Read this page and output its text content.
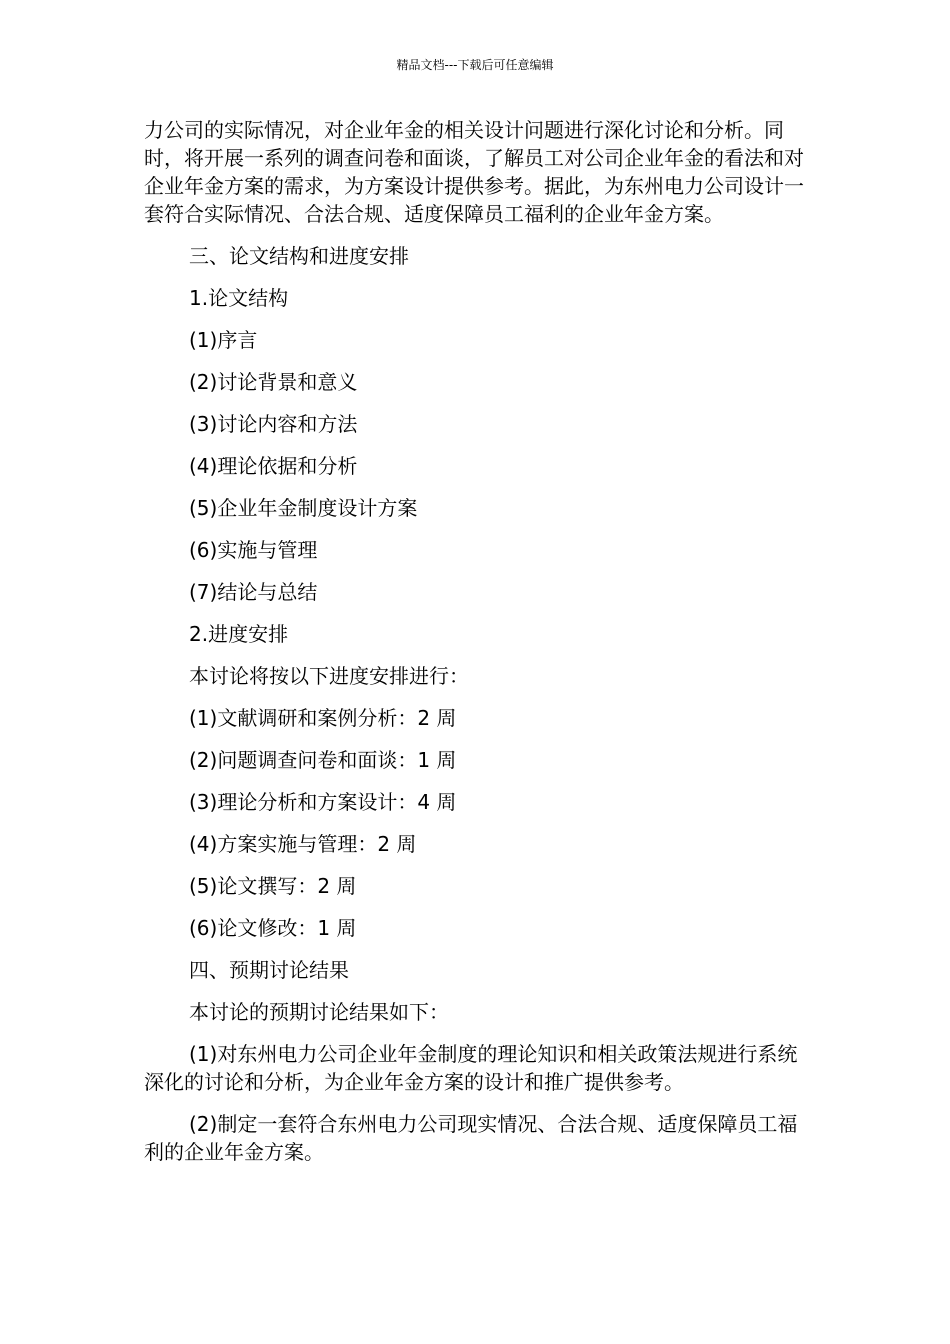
精品文档---下载后可任意编辑

力公司的实际情况，对企业年金的相关设计问题进行深化讨论和分析。同时，将开展一系列的调查问卷和面谈，了解员工对公司企业年金的看法和对企业年金方案的需求，为方案设计提供参考。据此，为东州电力公司设计一套符合实际情况、合法合规、适度保障员工福利的企业年金方案。

三、论文结构和进度安排
1.论文结构
(1)序言
(2)讨论背景和意义
(3)讨论内容和方法
(4)理论依据和分析
(5)企业年金制度设计方案
(6)实施与管理
(7)结论与总结
2.进度安排
本讨论将按以下进度安排进行：
(1)文献调研和案例分析：2 周
(2)问题调查问卷和面谈：1 周
(3)理论分析和方案设计：4 周
(4)方案实施与管理：2 周
(5)论文撰写：2 周
(6)论文修改：1 周
四、预期讨论结果
本讨论的预期讨论结果如下：

(1)对东州电力公司企业年金制度的理论知识和相关政策法规进行系统深化的讨论和分析，为企业年金方案的设计和推广提供参考。

(2)制定一套符合东州电力公司现实情况、合法合规、适度保障员工福利的企业年金方案。
